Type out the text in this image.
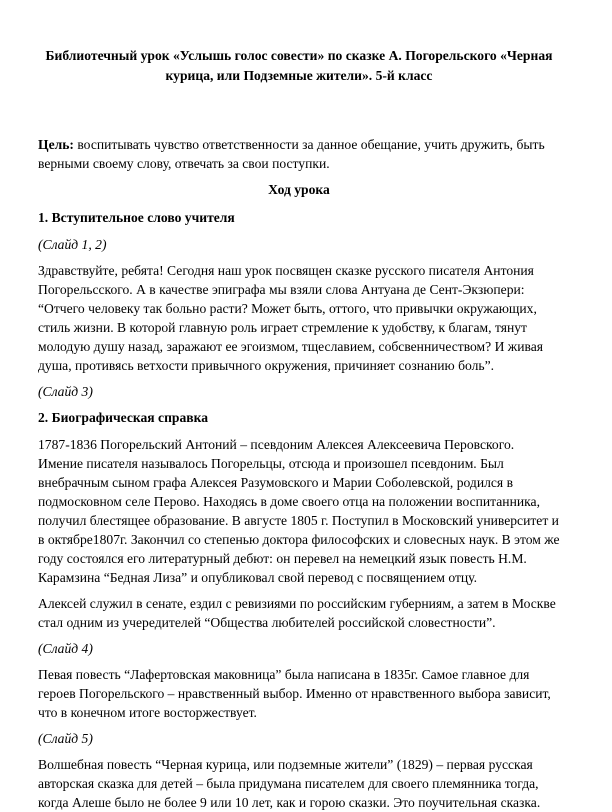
Библиотечный урок «Услышь голос совести» по сказке А. Погорельского «Черная курица, или Подземные жители». 5-й класс

Цель: воспитывать чувство ответственности за данное обещание, учить дружить, быть верными своему слову, отвечать за свои поступки.

Ход урока
1. Вступительное слово учителя

(Слайд 1, 2)

Здравствуйте, ребята! Сегодня наш урок посвящен сказке русского писателя Антония Погорельсского. А в качестве эпиграфа мы взяли слова Антуана де Сент-Экзюпери: “Отчего человеку так больно расти? Может быть, оттого, что привычки окружающих, стиль жизни. В которой главную роль играет стремление к удобству, к благам, тянут молодую душу назад, заражают ее эгоизмом, тщеславием, собсвенничеством? И живая душа, противясь ветхости привычного окружения, причиняет сознанию боль”.

(Слайд 3)

2. Биографическая справка

1787-1836 Погорельский Антоний – псевдоним Алексея Алексеевича Перовского. Имение писателя называлось Погорельцы, отсюда и произошел псевдоним. Был внебрачным сыном графа Алексея Разумовского и Марии Соболевской, родился в подмосковном селе Перово. Находясь в доме своего отца на положении воспитанника, получил блестящее образование. В августе 1805 г. Поступил в Московский университет и в октябре1807г. Закончил со степенью доктора философских и словесных наук. В этом же году состоялся его литературный дебют: он перевел на немецкий язык повесть Н.М. Карамзина “Бедная Лиза” и опубликовал свой перевод с посвящением отцу.

Алексей служил в сенате, ездил с ревизиями по российским губерниям, а затем в Москве стал одним из учередителей “Общества любителей российской словестности”.

(Слайд 4)

Певая повесть “Лафертовская маковница” была написана в 1835г. Самое главное для героев Погорельского – нравственный выбор. Именно от нравственного выбора зависит, что в конечном итоге восторжествует.

(Слайд 5)

Волшебная повесть “Черная курица, или подземные жители” (1829) – первая русская авторская сказка для детей – была придумана писателем для своего племянника тогда, когда Алеше было не более 9 или 10 лет, как и горою сказки. Это поучительная сказка.
